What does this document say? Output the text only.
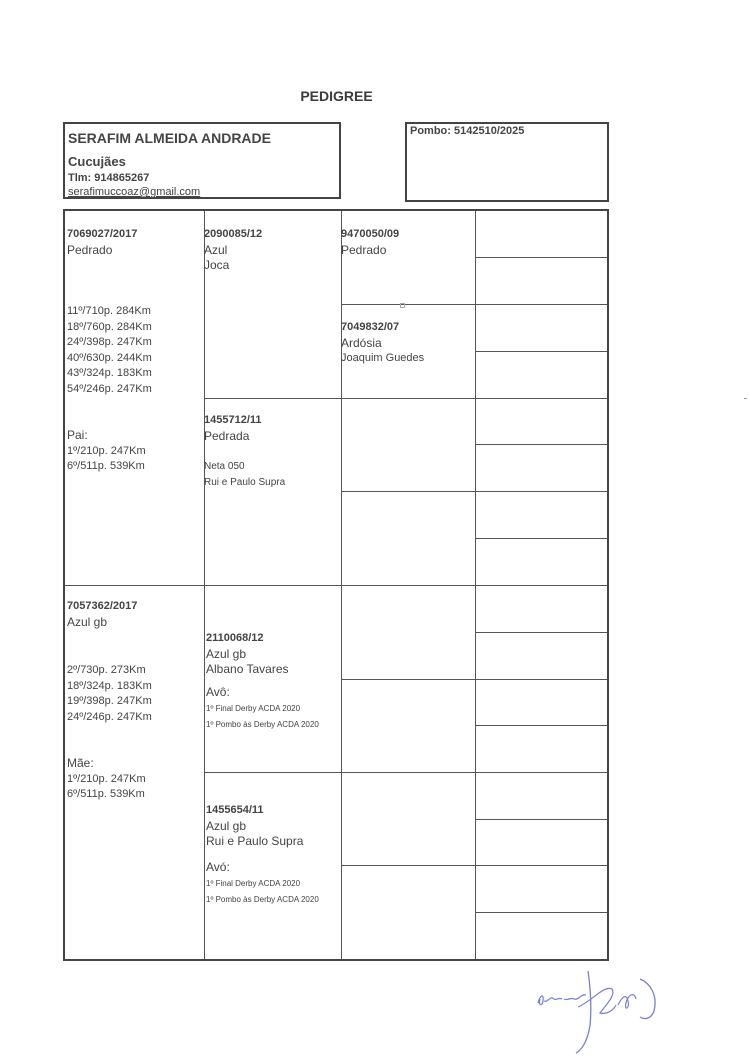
PEDIGREE
SERAFIM ALMEIDA ANDRADE
Cucujães
Tlm: 914865267
serafimuccoaz@gmail.com
Pombo: 5142510/2025
7069027/2017
Pedrado
11º/710p. 284Km
18º/760p. 284Km
24º/398p. 247Km
40º/630p. 244Km
43º/324p. 183Km
54º/246p. 247Km
Pai:
1º/210p. 247Km
6º/511p. 539Km
7057362/2017
Azul gb
2º/730p. 273Km
18º/324p. 183Km
19º/398p. 247Km
24º/246p. 247Km
Mãe:
1º/210p. 247Km
6º/511p. 539Km
2090085/12
Azul
Joca
1455712/11
Pedrada
Neta 050
Rui e Paulo Supra
2110068/12
Azul gb
Albano Tavares
Avô:
1º Final Derby ACDA 2020
1º Pombo às Derby ACDA 2020
1455654/11
Azul gb
Rui e Paulo Supra
Avó:
1º Final Derby ACDA 2020
1º Pombo às Derby ACDA 2020
9470050/09
Pedrado
7049832/07
Ardósia
Joaquim Guedes
